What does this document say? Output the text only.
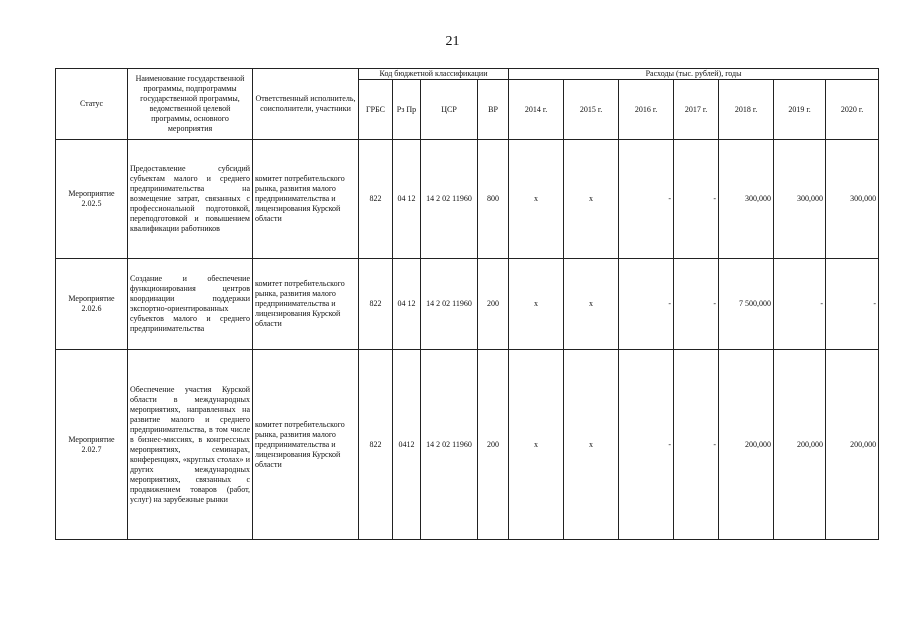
21
Статус	Наименование государственной программы, подпрограммы государственной программы, ведомственной целевой программы, основного мероприятия	Ответственный исполнитель, соисполнители, участники	Код бюджетной классификации				Расходы (тыс. рублей), годы						
			ГРБС	Рз Пр	ЦСР	ВР	2014 г.	2015 г.	2016 г.	2017 г.	2018 г.	2019 г.	2020 г.
Мероприятие 2.02.5	Предоставление субсидий субъектам малого и среднего предпринимательства на возмещение затрат, связанных с профессиональной подготовкой, переподготовкой и повышением квалификации работников	комитет потребительского рынка, развития малого предпринимательства и лицензирования Курской области	822	04 12	14 2 02 11960	800	x	x	-	-	300,000	300,000	300,000
Мероприятие 2.02.6	Создание и обеспечение функционирования центров координации поддержки экспортно-ориентированных субъектов малого и среднего предпринимательства	комитет потребительского рынка, развития малого предпринимательства и лицензирования Курской области	822	04 12	14 2 02 11960	200	x	x	-	-	7 500,000	-	-
Мероприятие 2.02.7	Обеспечение участия Курской области в международных мероприятиях, направленных на развитие малого и среднего предпринимательства, в том числе в бизнес-миссиях, в конгрессных мероприятиях, семинарах, конференциях, «круглых столах» и других международных мероприятиях, связанных с продвижением товаров (работ, услуг) на зарубежные рынки	комитет потребительского рынка, развития малого предпринимательства и лицензирования Курской области	822	0412	14 2 02 11960	200	x	x	-	-	200,000	200,000	200,000
